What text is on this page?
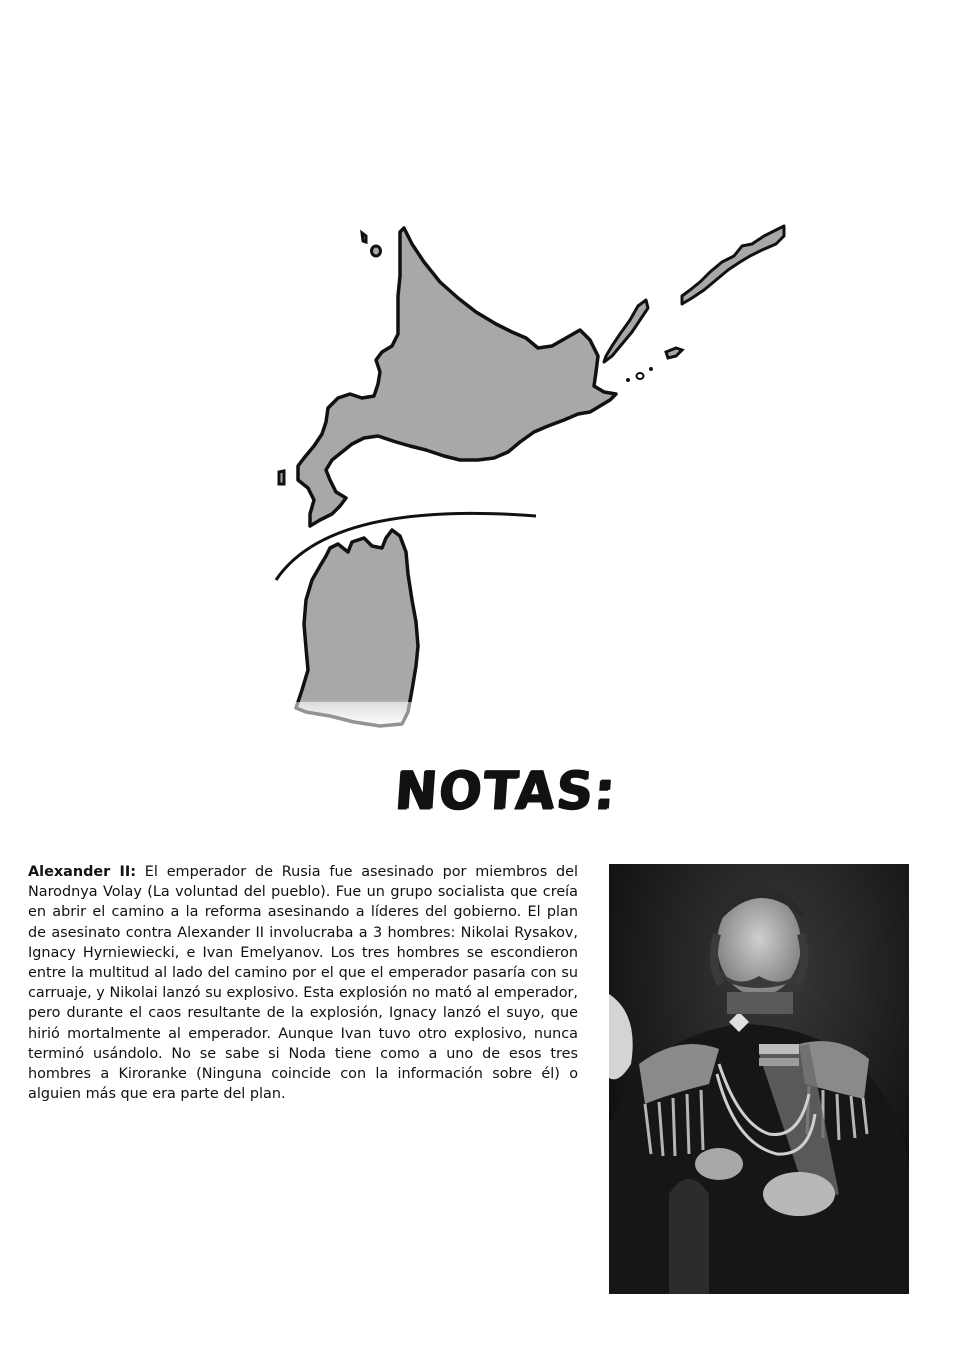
NOTAS:
Alexander II: El emperador de Rusia fue asesinado por miembros del Narodnya Volay (La voluntad del pueblo). Fue un grupo socialista que creía en abrir el camino a la reforma asesinando a líderes del gobierno. El plan de asesinato contra Alexander II involucraba a 3 hombres: Nikolai Rysakov, Ignacy Hyrniewiecki, e Ivan Emelyanov. Los tres hombres se escondieron entre la multitud al lado del camino por el que el emperador pasaría con su carruaje, y Nikolai lanzó su explosivo. Esta explosión no mató al emperador, pero durante el caos resultante de la explosión, Ignacy lanzó el suyo, que hirió mortalmente al emperador. Aunque Ivan tuvo otro explosivo, nunca terminó usándolo. No se sabe si Noda tiene como a uno de esos tres hombres a Kiroranke (Ninguna coincide con la información sobre él) o alguien más que era parte del plan.
